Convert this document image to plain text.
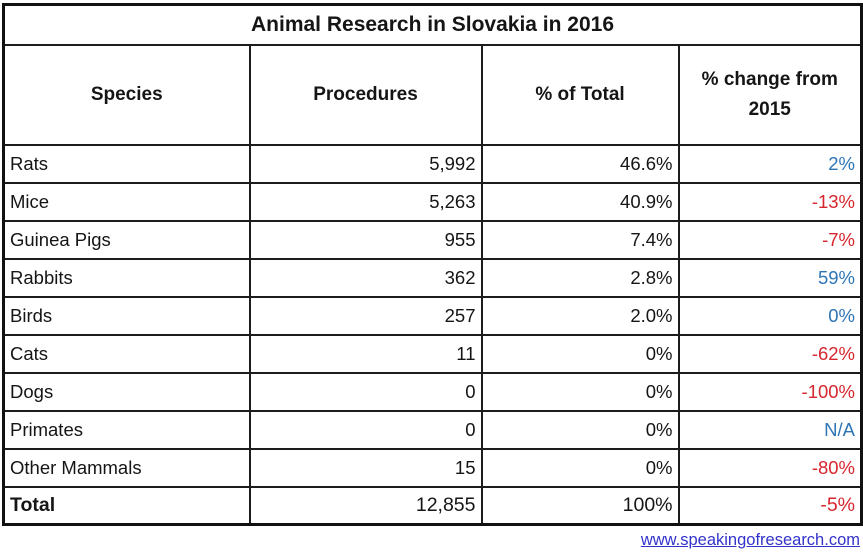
Animal Research in Slovakia in 2016			
Species	Procedures	% of Total	% change from 2015
Rats	5,992	46.6%	2%
Mice	5,263	40.9%	-13%
Guinea Pigs	955	7.4%	-7%
Rabbits	362	2.8%	59%
Birds	257	2.0%	0%
Cats	11	0%	-62%
Dogs	0	0%	-100%
Primates	0	0%	N/A
Other Mammals	15	0%	-80%
Total	12,855	100%	-5%
www.speakingofresearch.com
